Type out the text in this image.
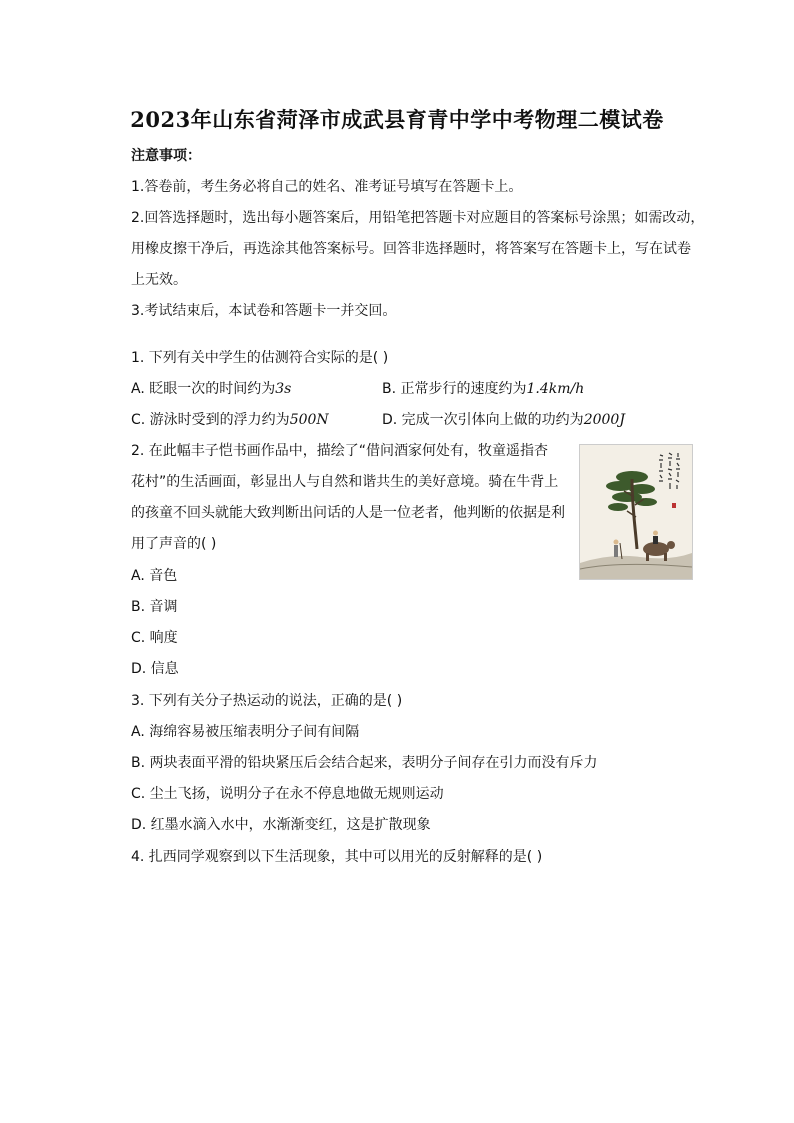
2023年山东省菏泽市成武县育青中学中考物理二模试卷
注意事项：
1.答卷前，考生务必将自己的姓名、准考证号填写在答题卡上。
2.回答选择题时，选出每小题答案后，用铅笔把答题卡对应题目的答案标号涂黑；如需改动，
用橡皮擦干净后，再选涂其他答案标号。回答非选择题时，将答案写在答题卡上，写在试卷
上无效。
3.考试结束后，本试卷和答题卡一并交回。
1. 下列有关中学生的估测符合实际的是( )
A. 眨眼一次的时间约为3s	B. 正常步行的速度约为1.4km/h
C. 游泳时受到的浮力约为500N	D. 完成一次引体向上做的功约为2000J
2. 在此幅丰子恺书画作品中，描绘了“借问酒家何处有，牧童遥指杏
花村”的生活画面，彰显出人与自然和谐共生的美好意境。骑在牛背上
的孩童不回头就能大致判断出问话的人是一位老者，他判断的依据是利
用了声音的( )
A. 音色
B. 音调
C. 响度
D. 信息
3. 下列有关分子热运动的说法，正确的是( )
A. 海绵容易被压缩表明分子间有间隔
B. 两块表面平滑的铅块紧压后会结合起来，表明分子间存在引力而没有斥力
C. 尘土飞扬，说明分子在永不停息地做无规则运动
D. 红墨水滴入水中，水渐渐变红，这是扩散现象
4. 扎西同学观察到以下生活现象，其中可以用光的反射解释的是( )
